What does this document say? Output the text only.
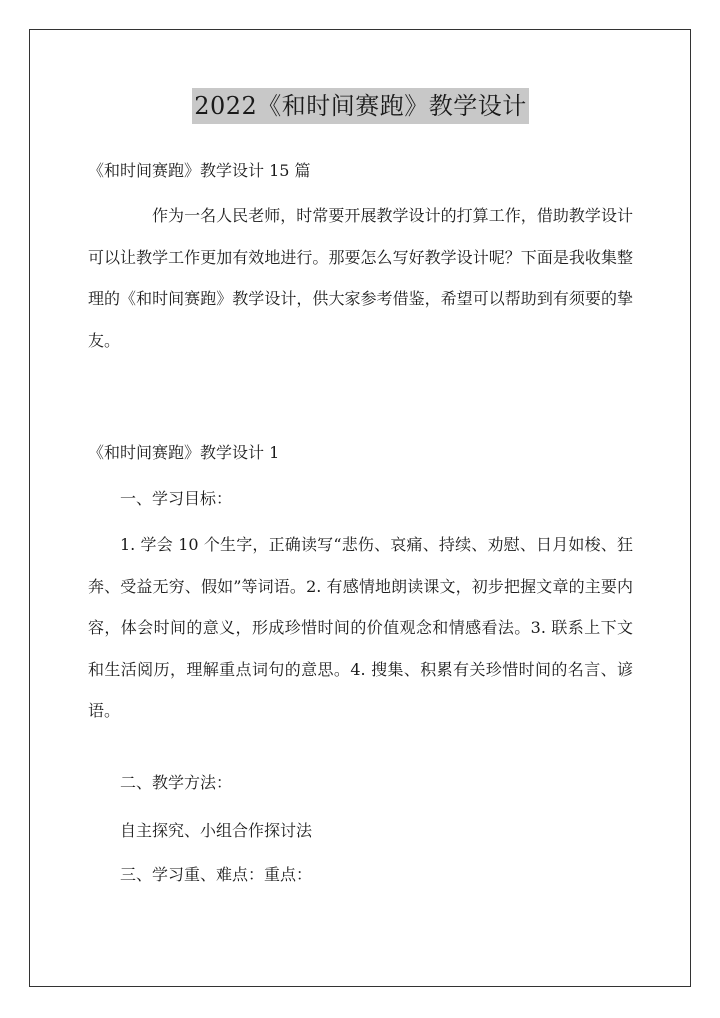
2022《和时间赛跑》教学设计
《和时间赛跑》教学设计 15 篇
作为一名人民老师，时常要开展教学设计的打算工作，借助教学设计可以让教学工作更加有效地进行。那要怎么写好教学设计呢？下面是我收集整理的《和时间赛跑》教学设计，供大家参考借鉴，希望可以帮助到有须要的挚友。
《和时间赛跑》教学设计 1
一、学习目标：
1. 学会 10 个生字，正确读写“悲伤、哀痛、持续、劝慰、日月如梭、狂奔、受益无穷、假如”等词语。2. 有感情地朗读课文，初步把握文章的主要内容，体会时间的意义，形成珍惜时间的价值观念和情感看法。3. 联系上下文和生活阅历，理解重点词句的意思。4. 搜集、积累有关珍惜时间的名言、谚语。
二、教学方法：
自主探究、小组合作探讨法
三、学习重、难点：重点：
